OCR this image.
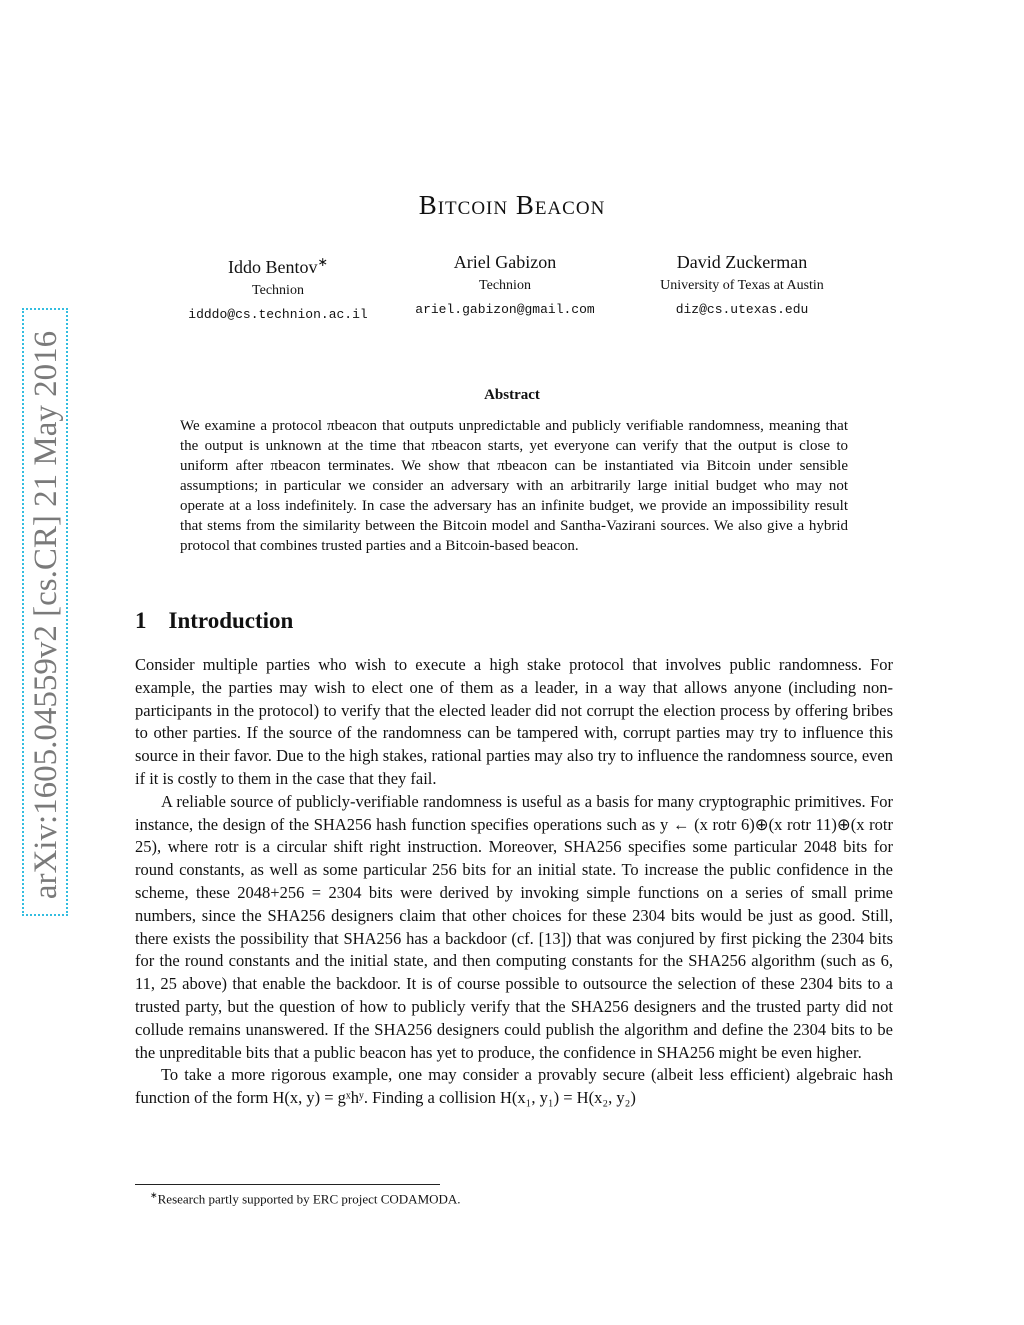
arXiv:1605.04559v2 [cs.CR] 21 May 2016
Bitcoin Beacon
Iddo Bentov∗
Technion
idddo@cs.technion.ac.il
Ariel Gabizon
Technion
ariel.gabizon@gmail.com
David Zuckerman
University of Texas at Austin
diz@cs.utexas.edu
Abstract
We examine a protocol πbeacon that outputs unpredictable and publicly verifiable randomness, meaning that the output is unknown at the time that πbeacon starts, yet everyone can verify that the output is close to uniform after πbeacon terminates. We show that πbeacon can be instantiated via Bitcoin under sensible assumptions; in particular we consider an adversary with an arbitrarily large initial budget who may not operate at a loss indefinitely. In case the adversary has an infinite budget, we provide an impossibility result that stems from the similarity between the Bitcoin model and Santha-Vazirani sources. We also give a hybrid protocol that combines trusted parties and a Bitcoin-based beacon.
1 Introduction

Consider multiple parties who wish to execute a high stake protocol that involves public randomness. For example, the parties may wish to elect one of them as a leader, in a way that allows anyone (including non-participants in the protocol) to verify that the elected leader did not corrupt the election process by offering bribes to other parties. If the source of the randomness can be tampered with, corrupt parties may try to influence this source in their favor. Due to the high stakes, rational parties may also try to influence the randomness source, even if it is costly to them in the case that they fail.

A reliable source of publicly-verifiable randomness is useful as a basis for many cryptographic primitives. For instance, the design of the SHA256 hash function specifies operations such as y ← (x rotr 6)⊕(x rotr 11)⊕(x rotr 25), where rotr is a circular shift right instruction. Moreover, SHA256 specifies some particular 2048 bits for round constants, as well as some particular 256 bits for an initial state. To increase the public confidence in the scheme, these 2048+256 = 2304 bits were derived by invoking simple functions on a series of small prime numbers, since the SHA256 designers claim that other choices for these 2304 bits would be just as good. Still, there exists the possibility that SHA256 has a backdoor (cf. [13]) that was conjured by first picking the 2304 bits for the round constants and the initial state, and then computing constants for the SHA256 algorithm (such as 6, 11, 25 above) that enable the backdoor. It is of course possible to outsource the selection of these 2304 bits to a trusted party, but the question of how to publicly verify that the SHA256 designers and the trusted party did not collude remains unanswered. If the SHA256 designers could publish the algorithm and define the 2304 bits to be the unpreditable bits that a public beacon has yet to produce, the confidence in SHA256 might be even higher.

To take a more rigorous example, one may consider a provably secure (albeit less efficient) algebraic hash function of the form H(x, y) = gˣhʸ. Finding a collision H(x₁, y₁) = H(x₂, y₂)

∗Research partly supported by ERC project CODAMODA.
